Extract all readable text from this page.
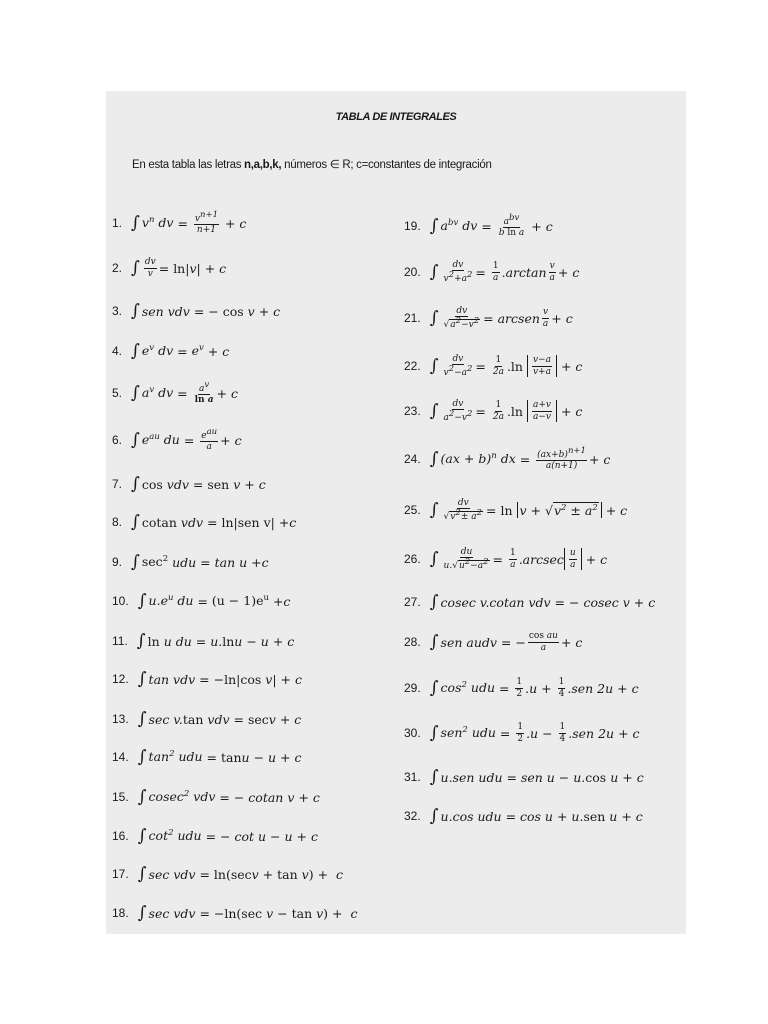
TABLA DE INTEGRALES
En esta tabla las letras n,a,b,k, números ∈ R; c=constantes de integración
1. ∫ $v^n$ dv = $\frac{v^{n+1}}{n+1} + c$
2. ∫ $\frac{dv}{v} = \ln|$ v | + c
3. ∫ sen vdv = − cos v + c
4. ∫ $e^v$ dv = $e^v + c$
5. ∫ $a^v$ dv = $\frac{a^v}{\text{ln a}} + c$
6. ∫ $e^{au}$ du = $\frac{e^{au}}{a} + c$
7. ∫ cos vdv = sen v + c
8. ∫ cotan vdv = ln|sen v| + c
9. ∫ $\sec^2$ udu = tan u + c
10. ∫ $u.e^u$ du = $(u - 1)e^u + c$
11. ∫ ln u du = u. ln u − u + c
12. ∫ tan vdv = − ln|cos v | + c
13. ∫ sec v. tan vdv = sec v + c
14. ∫ $\tan^2$ udu = tan u − u + c
15. ∫ cosec$^2$ vdv = − cotan v + c
16. ∫ $\cot^2$ udu = − cot u − u + c
17. ∫ sec vdv = ln(sec v + tan v ) + c
18. ∫ sec vdv = − ln(sec v − tan v ) + c
19. ∫ $a^{bv}$ dv = $\frac{a^{bv}}{\text{b ln a}} + c$
20. ∫ $\frac{dv}{v^2+a^2} = \frac{1}{a} .\arctan \frac{v}{a} + c$
21. ∫ $\frac{dv}{√a^2-v^2}$ = arcsen $\frac{v}{a} + c$
22. ∫ $\frac{dv}{v^2-a^2} = \frac{1}{2a} .\ln$
$\frac{v-a}{v+a} + c$
23. ∫ $\frac{dv}{a^2-v^2} = \frac{1}{2a} .\ln$
$\frac{a+v}{a-v} + c$
24. ∫ (ax + b)$^n$ dx = $\frac{(ax+b)^{n+1}}{a(n+1)} + c$
25. ∫ $\frac{dv}{√v^2\pm a^2} = \ln$
v + √ $v^2 \pm a^2 + c$
26. ∫ $\frac{du}{u.√u^2-a^2} = \frac{1}{a} .arcsec \frac{u}{a} + c$
27. ∫ cosec v.cotan vdv = − cosec v + c
28. ∫ sen audv = − $\frac{\text{cos au}}{a} + c$
29. ∫ $\cos^2$ udu = $\frac{1}{2} .u + \frac{1}{4} .sen$ 2u + c
30. ∫ sen$^2$ udu = $\frac{1}{2} .u - \frac{1}{4} .sen$ 2u + c
31. ∫ u.sen udu = sen u − u. cos u + c
32. ∫ u.cos udu = cos u + u. sen u + c
